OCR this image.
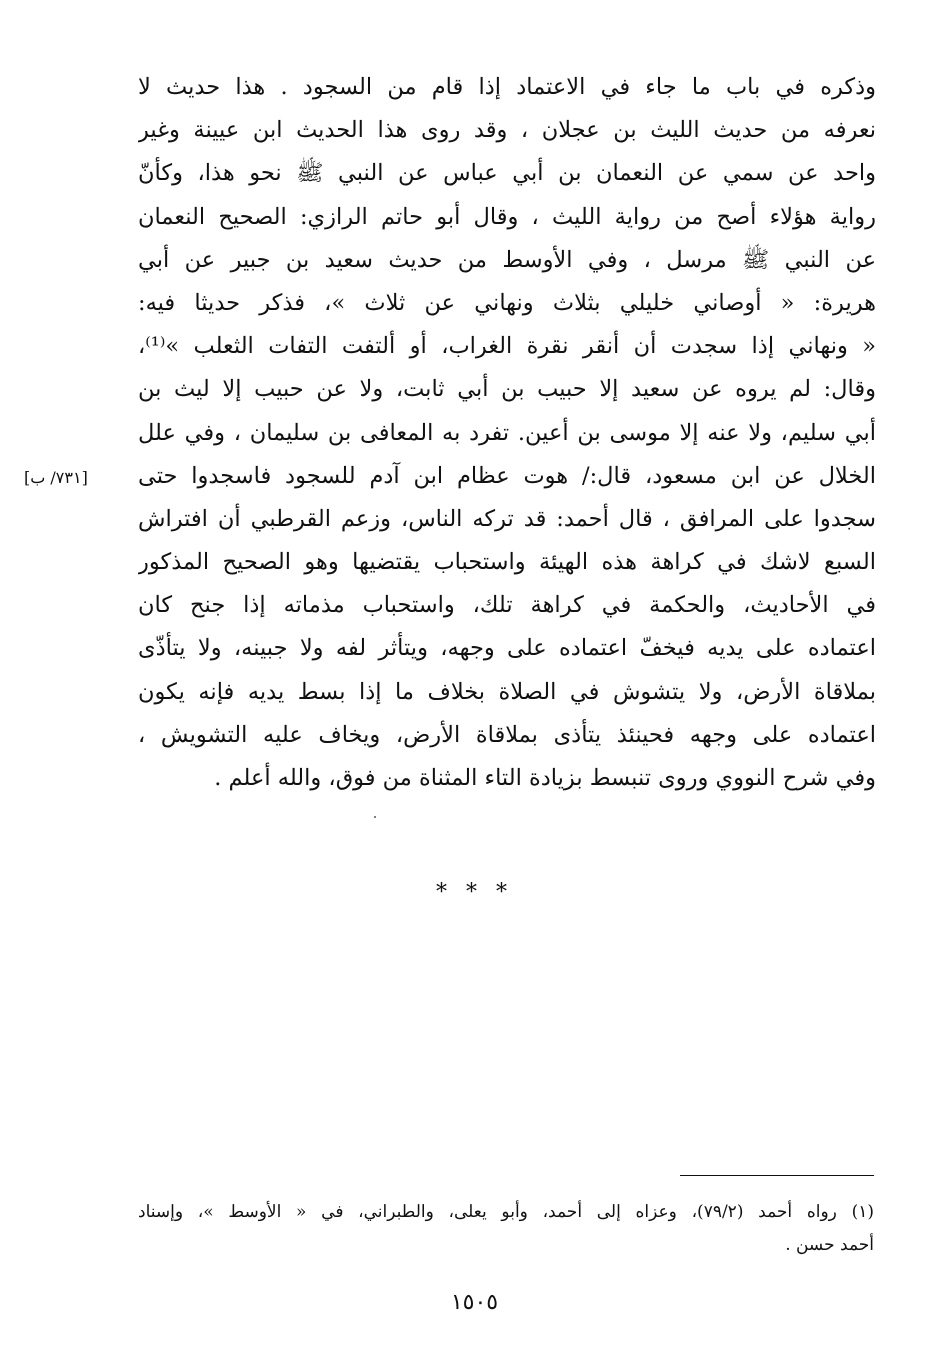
وذكره في باب ما جاء في الاعتماد إذا قام من السجود . هذا حديث لا
نعرفه من حديث الليث بن عجلان ، وقد روى هذا الحديث ابن عيينة وغير
واحد عن سمي عن النعمان بن أبي عباس عن النبي ﷺ نحو هذا، وكأنّ
رواية هؤلاء أصح من رواية الليث ، وقال أبو حاتم الرازي: الصحيح النعمان
عن النبي ﷺ مرسل ، وفي الأوسط من حديث سعيد بن جبير عن أبي
هريرة: « أوصاني خليلي بثلاث ونهاني عن ثلاث »، فذكر حديثا فيه:
« ونهاني إذا سجدت أن أنقر نقرة الغراب، أو ألتفت التفات الثعلب »⁽¹⁾،
وقال: لم يروه عن سعيد إلا حبيب بن أبي ثابت، ولا عن حبيب إلا ليث بن
أبي سليم، ولا عنه إلا موسى بن أعين. تفرد به المعافى بن سليمان ، وفي علل
الخلال عن ابن مسعود، قال:/ هوت عظام ابن آدم للسجود فاسجدوا حتى
سجدوا على المرافق ، قال أحمد: قد تركه الناس، وزعم القرطبي أن افتراش
السبع لاشك في كراهة هذه الهيئة واستحباب يقتضيها وهو الصحيح المذكور
في الأحاديث، والحكمة في كراهة تلك، واستحباب مذماته إذا جنح كان
اعتماده على يديه فيخفّ اعتماده على وجهه، ويتأثر لفه ولا جبينه، ولا يتأذّى
بملاقاة الأرض، ولا يتشوش في الصلاة بخلاف ما إذا بسط يديه فإنه يكون
اعتماده على وجهه فحينئذ يتأذى بملاقاة الأرض، ويخاف عليه التشويش ،
وفي شرح النووي وروى تنبسط بزيادة التاء المثناة من فوق، والله أعلم .
[٧٣١/ ب]
* * *
(١) رواه أحمد (٧٩/٢)، وعزاه إلى أحمد، وأبو يعلى، والطبراني، في « الأوسط »، وإسناد
أحمد حسن .
١٥٠٥
